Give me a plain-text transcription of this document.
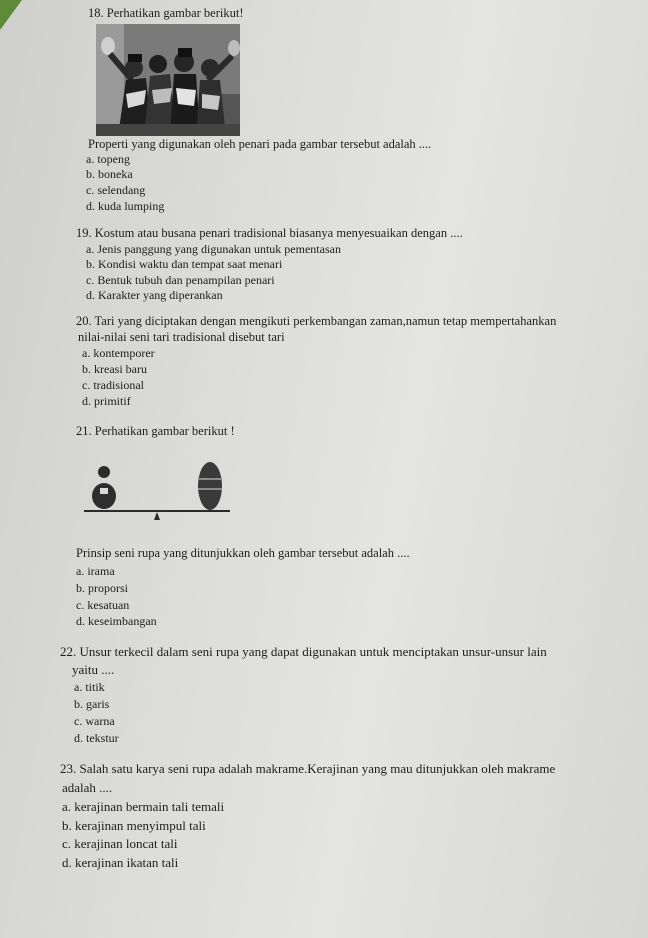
18. Perhatikan gambar berikut!
Properti yang digunakan oleh penari pada gambar tersebut adalah ....
a. topeng
b. boneka
c. selendang
d. kuda lumping
19. Kostum atau busana penari tradisional biasanya menyesuaikan dengan ....
a. Jenis panggung yang digunakan untuk pementasan
b. Kondisi waktu dan tempat saat menari
c. Bentuk tubuh dan penampilan penari
d. Karakter yang diperankan
20. Tari yang diciptakan dengan mengikuti perkembangan zaman,namun tetap mempertahankan
nilai-nilai seni tari tradisional disebut tari
a. kontemporer
b. kreasi baru
c. tradisional
d. primitif
21. Perhatikan gambar berikut !
Prinsip seni rupa yang ditunjukkan oleh gambar tersebut adalah ....
a. irama
b. proporsi
c. kesatuan
d. keseimbangan
22. Unsur terkecil dalam seni rupa yang dapat digunakan untuk menciptakan unsur-unsur lain
yaitu ....
a. titik
b. garis
c. warna
d. tekstur
23. Salah satu karya seni rupa adalah makrame.Kerajinan yang mau ditunjukkan oleh makrame
adalah ....
a. kerajinan bermain tali temali
b. kerajinan menyimpul tali
c. kerajinan loncat tali
d. kerajinan ikatan tali
